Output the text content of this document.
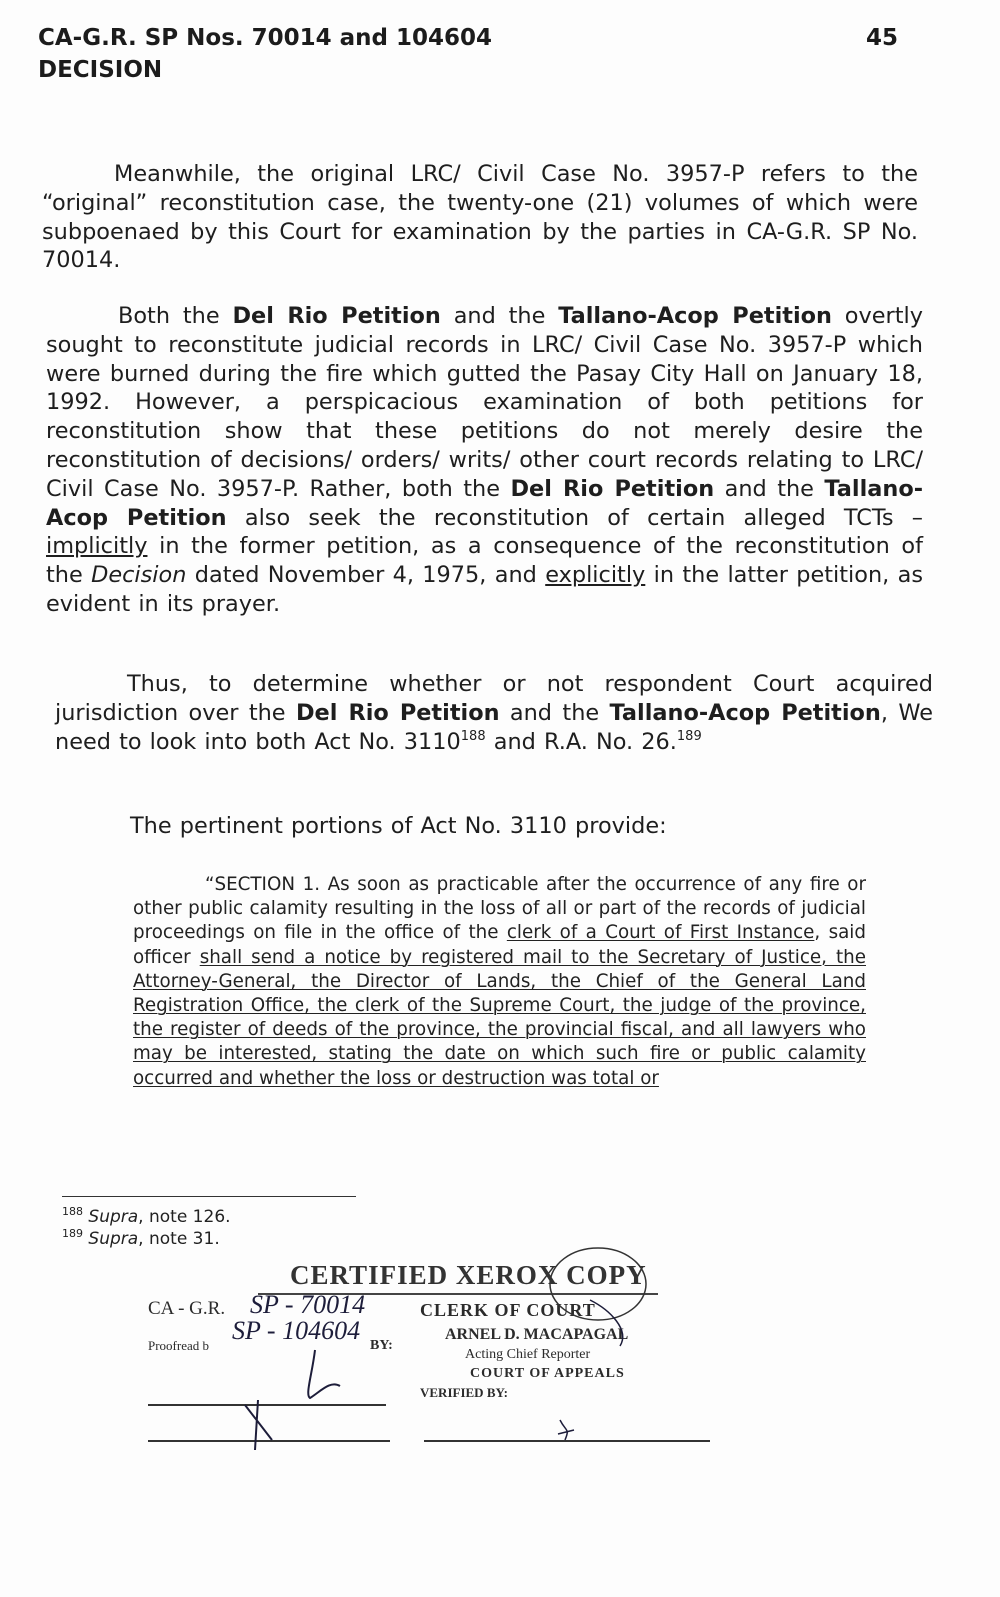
CA-G.R. SP Nos. 70014 and 104604
DECISION
45

Meanwhile, the original LRC/ Civil Case No. 3957-P refers to the “original” reconstitution case, the twenty-one (21) volumes of which were subpoenaed by this Court for examination by the parties in CA-G.R. SP No. 70014.

Both the Del Rio Petition and the Tallano-Acop Petition overtly sought to reconstitute judicial records in LRC/ Civil Case No. 3957-P which were burned during the fire which gutted the Pasay City Hall on January 18, 1992. However, a perspicacious examination of both petitions for reconstitution show that these petitions do not merely desire the reconstitution of decisions/ orders/ writs/ other court records relating to LRC/ Civil Case No. 3957-P. Rather, both the Del Rio Petition and the Tallano-Acop Petition also seek the reconstitution of certain alleged TCTs – implicitly in the former petition, as a consequence of the reconstitution of the Decision dated November 4, 1975, and explicitly in the latter petition, as evident in its prayer.

Thus, to determine whether or not respondent Court acquired jurisdiction over the Del Rio Petition and the Tallano-Acop Petition, We need to look into both Act No. 3110$^{188}$ and R.A. No. 26.$^{189}$

The pertinent portions of Act No. 3110 provide:

“SECTION 1. As soon as practicable after the occurrence of any fire or other public calamity resulting in the loss of all or part of the records of judicial proceedings on file in the office of the clerk of a Court of First Instance, said officer shall send a notice by registered mail to the Secretary of Justice, the Attorney-General, the Director of Lands, the Chief of the General Land Registration Office, the clerk of the Supreme Court, the judge of the province, the register of deeds of the province, the provincial fiscal, and all lawyers who may be interested, stating the date on which such fire or public calamity occurred and whether the loss or destruction was total or

$^{188}$ Supra, note 126.
$^{189}$ Supra, note 31.
CERTIFIED XEROX COPY
CA - G.R. SP - 70014
SP - 104604
CLERK OF COURT
Proofread b	BY:
ARNEL D. MACAPAGAL
Acting Chief Reporter
COURT OF APPEALS
VERIFIED BY:
